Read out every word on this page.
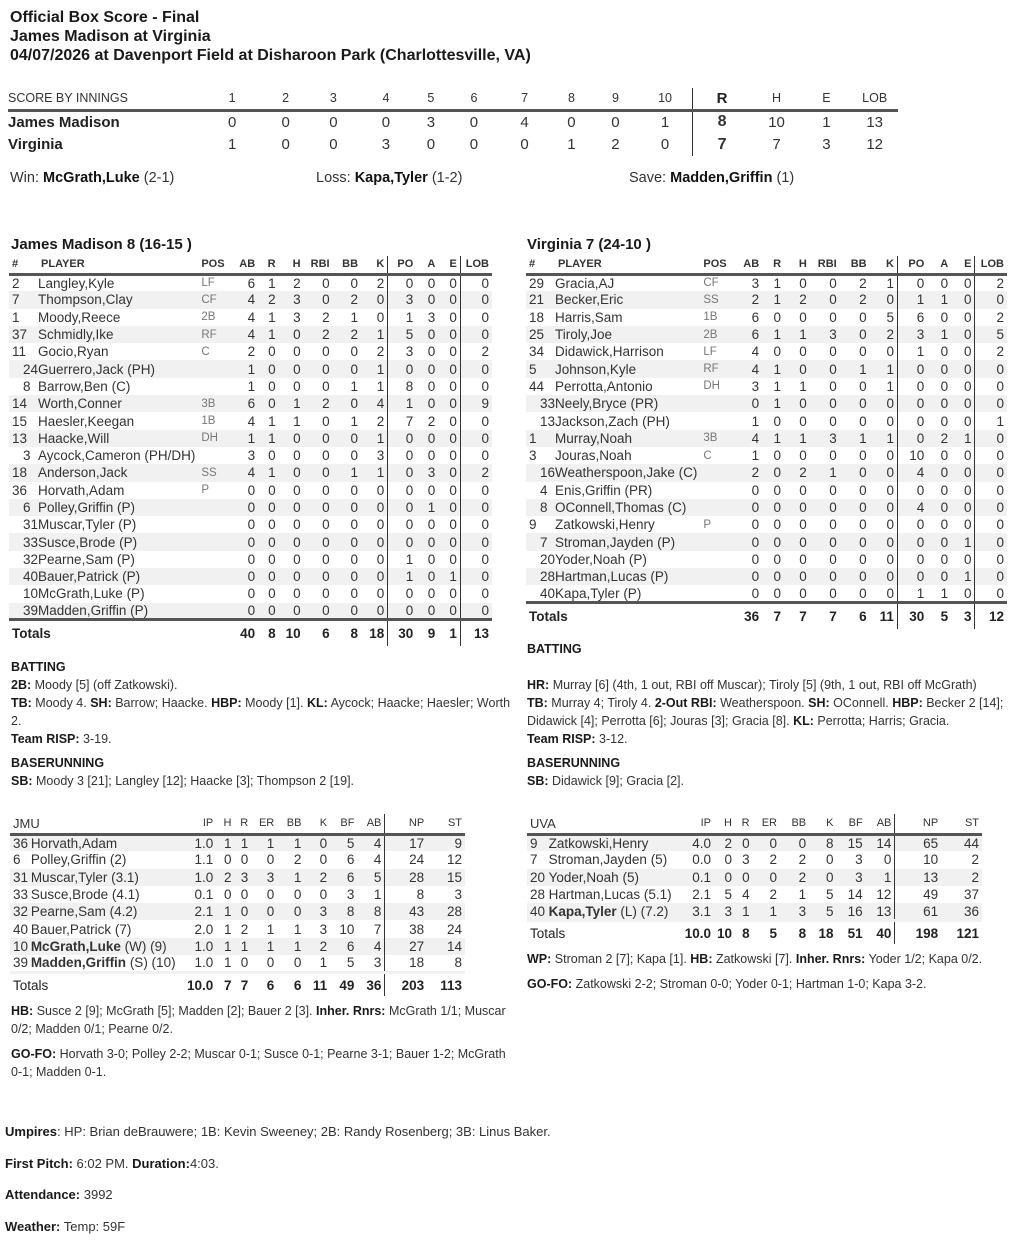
Official Box Score - Final
James Madison at Virginia
04/07/2026 at Davenport Field at Disharoon Park (Charlottesville, VA)
SCORE BY INNINGS	1	2	3	4	5	6	7	8	9	10	R	H	E	LOB
James Madison	0	0	0	0	3	0	4	0	0	1	8	10	1	13
Virginia	1	0	0	3	0	0	0	1	2	0	7	7	3	12
Win: McGrath,Luke (2-1)	Loss: Kapa,Tyler (1-2)	Save: Madden,Griffin (1)
James Madison 8 (16-15 )
#	PLAYER	POS	AB	R	H	RBI	BB	K	PO	A	E	LOB
2	Langley,Kyle	LF	6	1	2	0	0	2	0	0	0	0
7	Thompson,Clay	CF	4	2	3	0	2	0	3	0	0	0
1	Moody,Reece	2B	4	1	3	2	1	0	1	3	0	0
37	Schmidly,Ike	RF	4	1	0	2	2	1	5	0	0	0
11	Gocio,Ryan	C	2	0	0	0	0	2	3	0	0	2
24	Guerrero,Jack (PH)		1	0	0	0	0	1	0	0	0	0
8	Barrow,Ben (C)		1	0	0	0	1	1	8	0	0	0
14	Worth,Conner	3B	6	0	1	2	0	4	1	0	0	9
15	Haesler,Keegan	1B	4	1	1	0	1	2	7	2	0	0
13	Haacke,Will	DH	1	1	0	0	0	1	0	0	0	0
3	Aycock,Cameron (PH/DH)		3	0	0	0	0	3	0	0	0	0
18	Anderson,Jack	SS	4	1	0	0	1	1	0	3	0	2
36	Horvath,Adam	P	0	0	0	0	0	0	0	0	0	0
6	Polley,Griffin (P)		0	0	0	0	0	0	0	1	0	0
31	Muscar,Tyler (P)		0	0	0	0	0	0	0	0	0	0
33	Susce,Brode (P)		0	0	0	0	0	0	0	0	0	0
32	Pearne,Sam (P)		0	0	0	0	0	0	1	0	0	0
40	Bauer,Patrick (P)		0	0	0	0	0	0	1	0	1	0
10	McGrath,Luke (P)		0	0	0	0	0	0	0	0	0	0
39	Madden,Griffin (P)		0	0	0	0	0	0	0	0	0	0
Totals			40	8	10	6	8	18	30	9	1	13
Virginia 7 (24-10 )
#	PLAYER	POS	AB	R	H	RBI	BB	K	PO	A	E	LOB
29	Gracia,AJ	CF	3	1	0	0	2	1	0	0	0	2
21	Becker,Eric	SS	2	1	2	0	2	0	1	1	0	0
18	Harris,Sam	1B	6	0	0	0	0	5	6	0	0	2
25	Tiroly,Joe	2B	6	1	1	3	0	2	3	1	0	5
34	Didawick,Harrison	LF	4	0	0	0	0	0	1	0	0	2
5	Johnson,Kyle	RF	4	1	0	0	1	1	0	0	0	0
44	Perrotta,Antonio	DH	3	1	1	0	0	1	0	0	0	0
33	Neely,Bryce (PR)		0	1	0	0	0	0	0	0	0	0
13	Jackson,Zach (PH)		1	0	0	0	0	0	0	0	0	1
1	Murray,Noah	3B	4	1	1	3	1	1	0	2	1	0
3	Jouras,Noah	C	1	0	0	0	0	0	10	0	0	0
16	Weatherspoon,Jake (C)		2	0	2	1	0	0	4	0	0	0
4	Enis,Griffin (PR)		0	0	0	0	0	0	0	0	0	0
8	OConnell,Thomas (C)		0	0	0	0	0	0	4	0	0	0
9	Zatkowski,Henry	P	0	0	0	0	0	0	0	0	0	0
7	Stroman,Jayden (P)		0	0	0	0	0	0	0	0	1	0
20	Yoder,Noah (P)		0	0	0	0	0	0	0	0	0	0
28	Hartman,Lucas (P)		0	0	0	0	0	0	0	0	1	0
40	Kapa,Tyler (P)		0	0	0	0	0	0	1	1	0	0
Totals			36	7	7	7	6	11	30	5	3	12
BATTING

2B: Moody [5] (off Zatkowski).

TB: Moody 4. SH: Barrow; Haacke. HBP: Moody [1]. KL: Aycock; Haacke; Haesler; Worth 2.

Team RISP: 3-19.

BASERUNNING

SB: Moody 3 [21]; Langley [12]; Haacke [3]; Thompson 2 [19].

BATTING

HR: Murray [6] (4th, 1 out, RBI off Muscar); Tiroly [5] (9th, 1 out, RBI off McGrath)

TB: Murray 4; Tiroly 4. 2-Out RBI: Weatherspoon. SH: OConnell. HBP: Becker 2 [14]; Didawick [4]; Perrotta [6]; Jouras [3]; Gracia [8]. KL: Perrotta; Harris; Gracia.

Team RISP: 3-12.

BASERUNNING

SB: Didawick [9]; Gracia [2].

JMU		IP	H	R	ER	BB	K	BF	AB	NP	ST
36	Horvath,Adam	1.0	1	1	1	1	0	5	4	17	9
6	Polley,Griffin (2)	1.1	0	0	0	2	0	6	4	24	12
31	Muscar,Tyler (3.1)	1.0	2	3	3	1	2	6	5	28	15
33	Susce,Brode (4.1)	0.1	0	0	0	0	0	3	1	8	3
32	Pearne,Sam (4.2)	2.1	1	0	0	0	3	8	8	43	28
40	Bauer,Patrick (7)	2.0	1	2	1	1	3	10	7	38	24
10	McGrath,Luke (W) (9)	1.0	1	1	1	1	2	6	4	27	14
39	Madden,Griffin (S) (10)	1.0	1	0	0	0	1	5	3	18	8
Totals		10.0	7	7	6	6	11	49	36	203	113

HB: Susce 2 [9]; McGrath [5]; Madden [2]; Bauer 2 [3]. Inher. Rnrs: McGrath 1/1; Muscar 0/2; Madden 0/1; Pearne 0/2.

GO-FO: Horvath 3-0; Polley 2-2; Muscar 0-1; Susce 0-1; Pearne 3-1; Bauer 1-2; McGrath 0-1; Madden 0-1.

UVA		IP	H	R	ER	BB	K	BF	AB	NP	ST
9	Zatkowski,Henry	4.0	2	0	0	0	8	15	14	65	44
7	Stroman,Jayden (5)	0.0	0	3	2	2	0	3	0	10	2
20	Yoder,Noah (5)	0.1	0	0	0	2	0	3	1	13	2
28	Hartman,Lucas (5.1)	2.1	5	4	2	1	5	14	12	49	37
40	Kapa,Tyler (L) (7.2)	3.1	3	1	1	3	5	16	13	61	36
Totals		10.0	10	8	5	8	18	51	40	198	121

WP: Stroman 2 [7]; Kapa [1]. HB: Zatkowski [7]. Inher. Rnrs: Yoder 1/2; Kapa 0/2.

GO-FO: Zatkowski 2-2; Stroman 0-0; Yoder 0-1; Hartman 1-0; Kapa 3-2.

Umpires: HP: Brian deBrauwere; 1B: Kevin Sweeney; 2B: Randy Rosenberg; 3B: Linus Baker.

First Pitch: 6:02 PM. Duration:4:03.

Attendance: 3992

Weather: Temp: 59F
